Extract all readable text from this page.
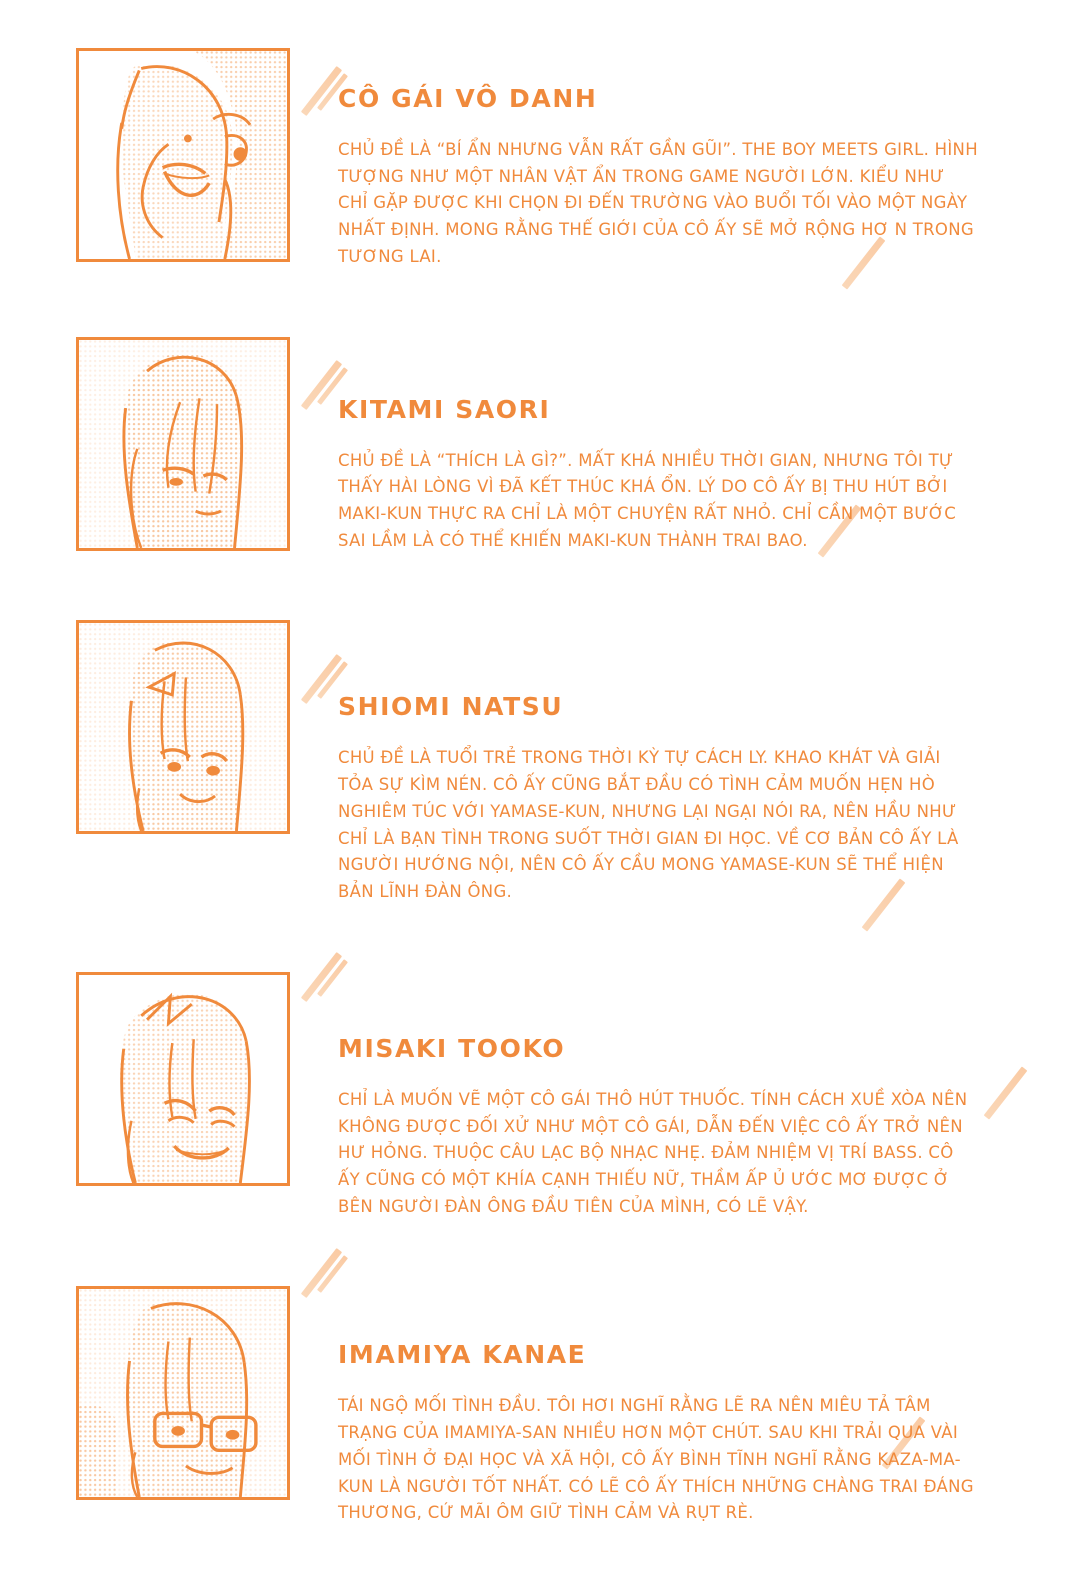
CÔ GÁI VÔ DANH

CHỦ ĐỀ LÀ “BÍ ẨN NHƯNG VẪN RẤT GẦN GŨI”. THE BOY MEETS GIRL. HÌNH TƯỢNG NHƯ MỘT NHÂN VẬT ẨN TRONG GAME NGƯỜI LỚN. KIỂU NHƯ CHỈ GẶP ĐƯỢC KHI CHỌN ĐI ĐẾN TRƯỜNG VÀO BUỔI TỐI VÀO MỘT NGÀY NHẤT ĐỊNH. MONG RẰNG THẾ GIỚI CỦA CÔ ẤY SẼ MỞ RỘNG HƠ N TRONG TƯƠNG LAI.

KITAMI SAORI

CHỦ ĐỀ LÀ “THÍCH LÀ GÌ?”. MẤT KHÁ NHIỀU THỜI GIAN, NHƯNG TÔI TỰ THẤY HÀI LÒNG VÌ ĐÃ KẾT THÚC KHÁ ỔN. LÝ DO CÔ ẤY BỊ THU HÚT BỞI MAKI-KUN THỰC RA CHỈ LÀ MỘT CHUYỆN RẤT NHỎ. CHỈ CẦN MỘT BƯỚC SAI LẦM LÀ CÓ THỂ KHIẾN MAKI-KUN THÀNH TRAI BAO.

SHIOMI NATSU

CHỦ ĐỀ LÀ TUỔI TRẺ TRONG THỜI KỲ TỰ CÁCH LY. KHAO KHÁT VÀ GIẢI TỎA SỰ KÌM NÉN. CÔ ẤY CŨNG BẮT ĐẦU CÓ TÌNH CẢM MUỐN HẸN HÒ NGHIÊM TÚC VỚI YAMASE-KUN, NHƯNG LẠI NGẠI NÓI RA, NÊN HẦU NHƯ CHỈ LÀ BẠN TÌNH TRONG SUỐT THỜI GIAN ĐI HỌC. VỀ CƠ BẢN CÔ ẤY LÀ NGƯỜI HƯỚNG NỘI, NÊN CÔ ẤY CẦU MONG YAMASE-KUN SẼ THỂ HIỆN BẢN LĨNH ĐÀN ÔNG.

MISAKI TOOKO

CHỈ LÀ MUỐN VẼ MỘT CÔ GÁI THÔ HÚT THUỐC. TÍNH CÁCH XUỀ XÒA NÊN KHÔNG ĐƯỢC ĐỐI XỬ NHƯ MỘT CÔ GÁI, DẪN ĐẾN VIỆC CÔ ẤY TRỞ NÊN HƯ HỎNG. THUỘC CÂU LẠC BỘ NHẠC NHẸ. ĐẢM NHIỆM VỊ TRÍ BASS. CÔ ẤY CŨNG CÓ MỘT KHÍA CẠNH THIẾU NỮ, THẦM ẤP Ủ ƯỚC MƠ ĐƯỢC Ở BÊN NGƯỜI ĐÀN ÔNG ĐẦU TIÊN CỦA MÌNH, CÓ LẼ VẬY.

IMAMIYA KANAE

TÁI NGỘ MỐI TÌNH ĐẦU. TÔI HƠI NGHĨ RẰNG LẼ RA NÊN MIÊU TẢ TÂM TRẠNG CỦA IMAMIYA-SAN NHIỀU HƠN MỘT CHÚT. SAU KHI TRẢI QUA VÀI MỐI TÌNH Ở ĐẠI HỌC VÀ XÃ HỘI, CÔ ẤY BÌNH TĨNH NGHĨ RẰNG KAZA-MA-KUN LÀ NGƯỜI TỐT NHẤT. CÓ LẼ CÔ ẤY THÍCH NHỮNG CHÀNG TRAI ĐÁNG THƯƠNG, CỨ MÃI ÔM GIỮ TÌNH CẢM VÀ RỤT RÈ.
